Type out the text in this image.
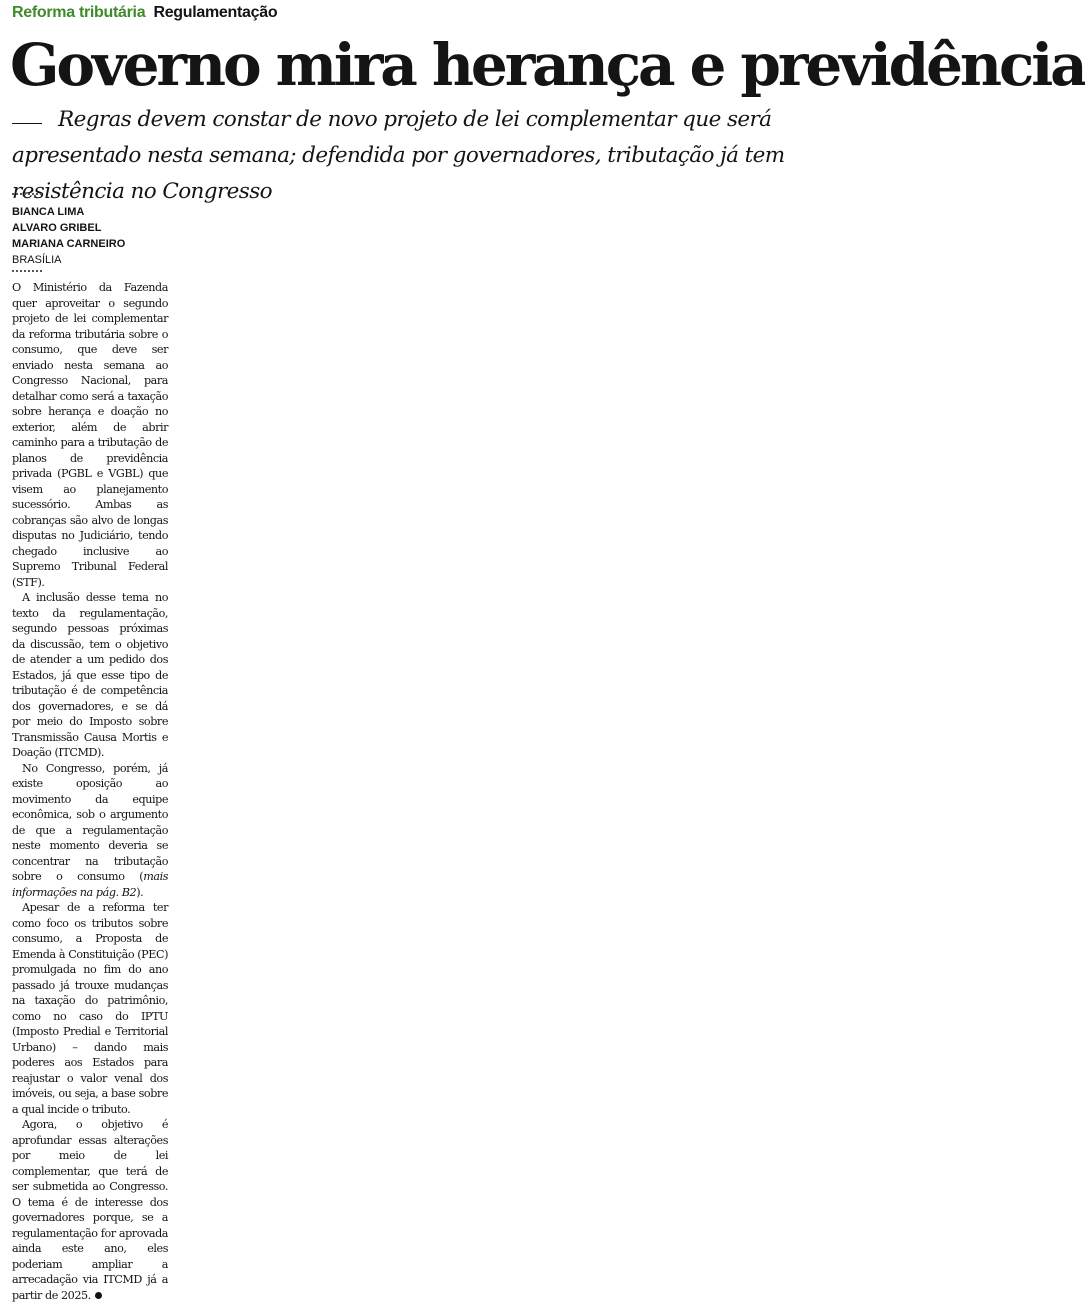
Reforma tributária Regulamentação
Governo mira herança e previdência
Regras devem constar de novo projeto de lei complementar que será apresentado nesta semana; defendida por governadores, tributação já tem resistência no Congresso
BIANCA LIMA
ALVARO GRIBEL
MARIANA CARNEIRO
BRASÍLIA

O Ministério da Fazenda quer aproveitar o segundo projeto de lei complementar da reforma tributária sobre o consumo, que deve ser enviado nesta semana ao Congresso Nacional, para detalhar como será a taxação sobre herança e doação no exterior, além de abrir caminho para a tributação de planos de previdência privada (PGBL e VGBL) que visem ao planejamento sucessório. Ambas as cobranças são alvo de longas disputas no Judiciário, tendo chegado inclusive ao Supremo Tribunal Federal (STF).

A inclusão desse tema no texto da regulamentação, segundo pessoas próximas da discussão, tem o objetivo de atender a um pedido dos Estados, já que esse tipo de tributação é de competência dos governadores, e se dá por meio do Imposto sobre Transmissão Causa Mortis e Doação (ITCMD).

No Congresso, porém, já existe oposição ao movimento da equipe econômica, sob o argumento de que a regulamentação neste momento deveria se concentrar na tributação sobre o consumo (mais informações na pág. B2).

Apesar de a reforma ter como foco os tributos sobre consumo, a Proposta de Emenda à Constituição (PEC) promulgada no fim do ano passado já trouxe mudanças na taxação do patrimônio, como no caso do IPTU (Imposto Predial e Territorial Urbano) – dando mais poderes aos Estados para reajustar o valor venal dos imóveis, ou seja, a base sobre a qual incide o tributo.

Agora, o objetivo é aprofundar essas alterações por meio de lei complementar, que terá de ser submetida ao Congresso. O tema é de interesse dos governadores porque, se a regulamentação for aprovada ainda este ano, eles poderiam ampliar a arrecadação via ITCMD já a partir de 2025.
